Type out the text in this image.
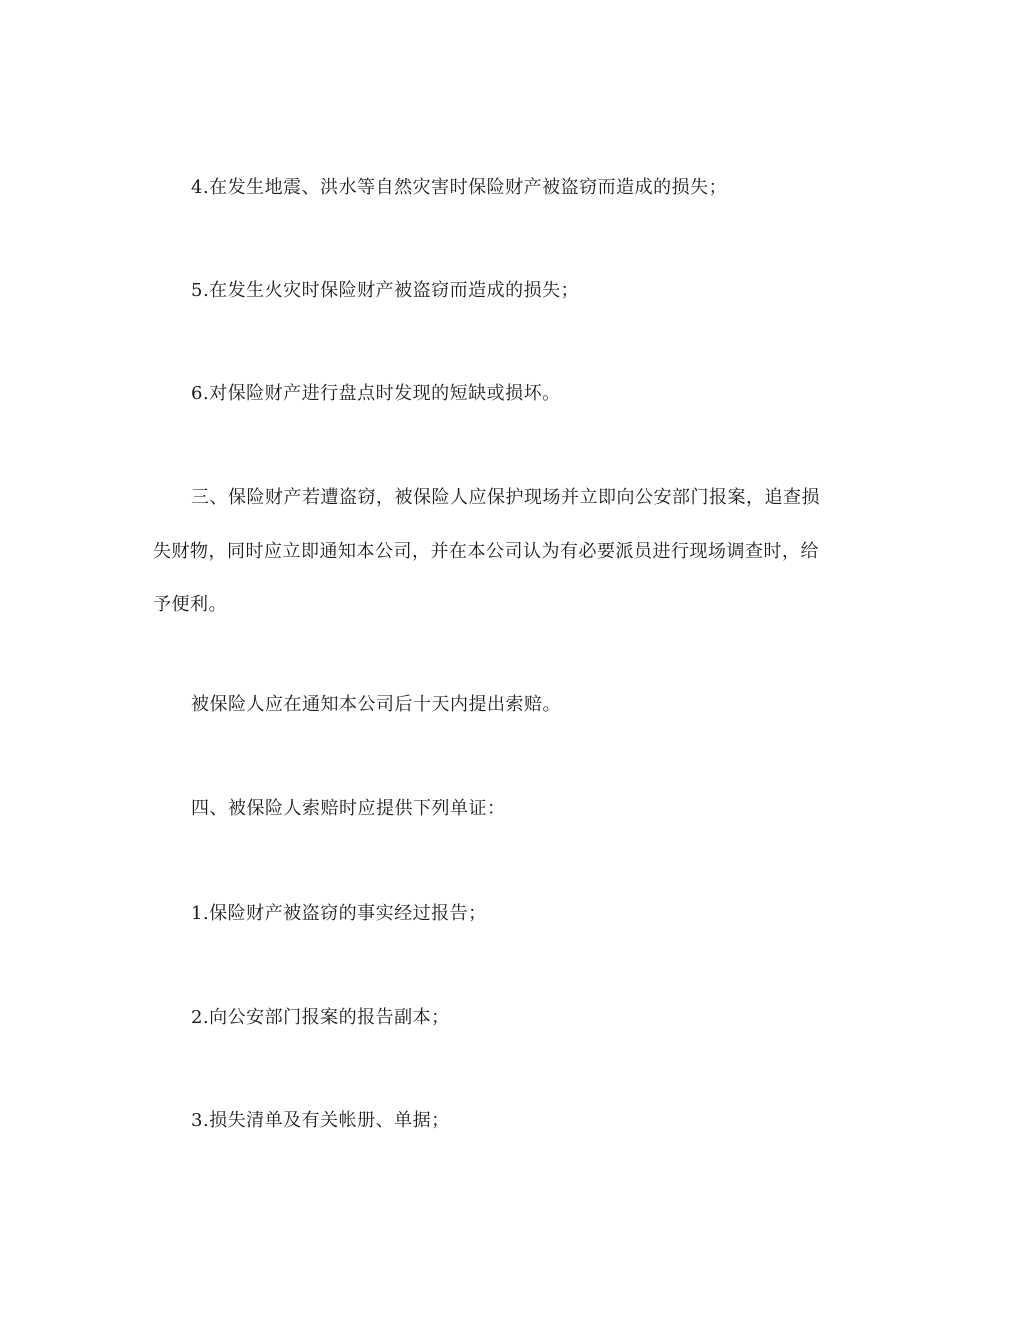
4.在发生地震、洪水等自然灾害时保险财产被盗窃而造成的损失；
5.在发生火灾时保险财产被盗窃而造成的损失；
6.对保险财产进行盘点时发现的短缺或损坏。
三、保险财产若遭盗窃，被保险人应保护现场并立即向公安部门报案，追查损
失财物，同时应立即通知本公司，并在本公司认为有必要派员进行现场调查时，给
予便利。
被保险人应在通知本公司后十天内提出索赔。
四、被保险人索赔时应提供下列单证：
1.保险财产被盗窃的事实经过报告；
2.向公安部门报案的报告副本；
3.损失清单及有关帐册、单据；
